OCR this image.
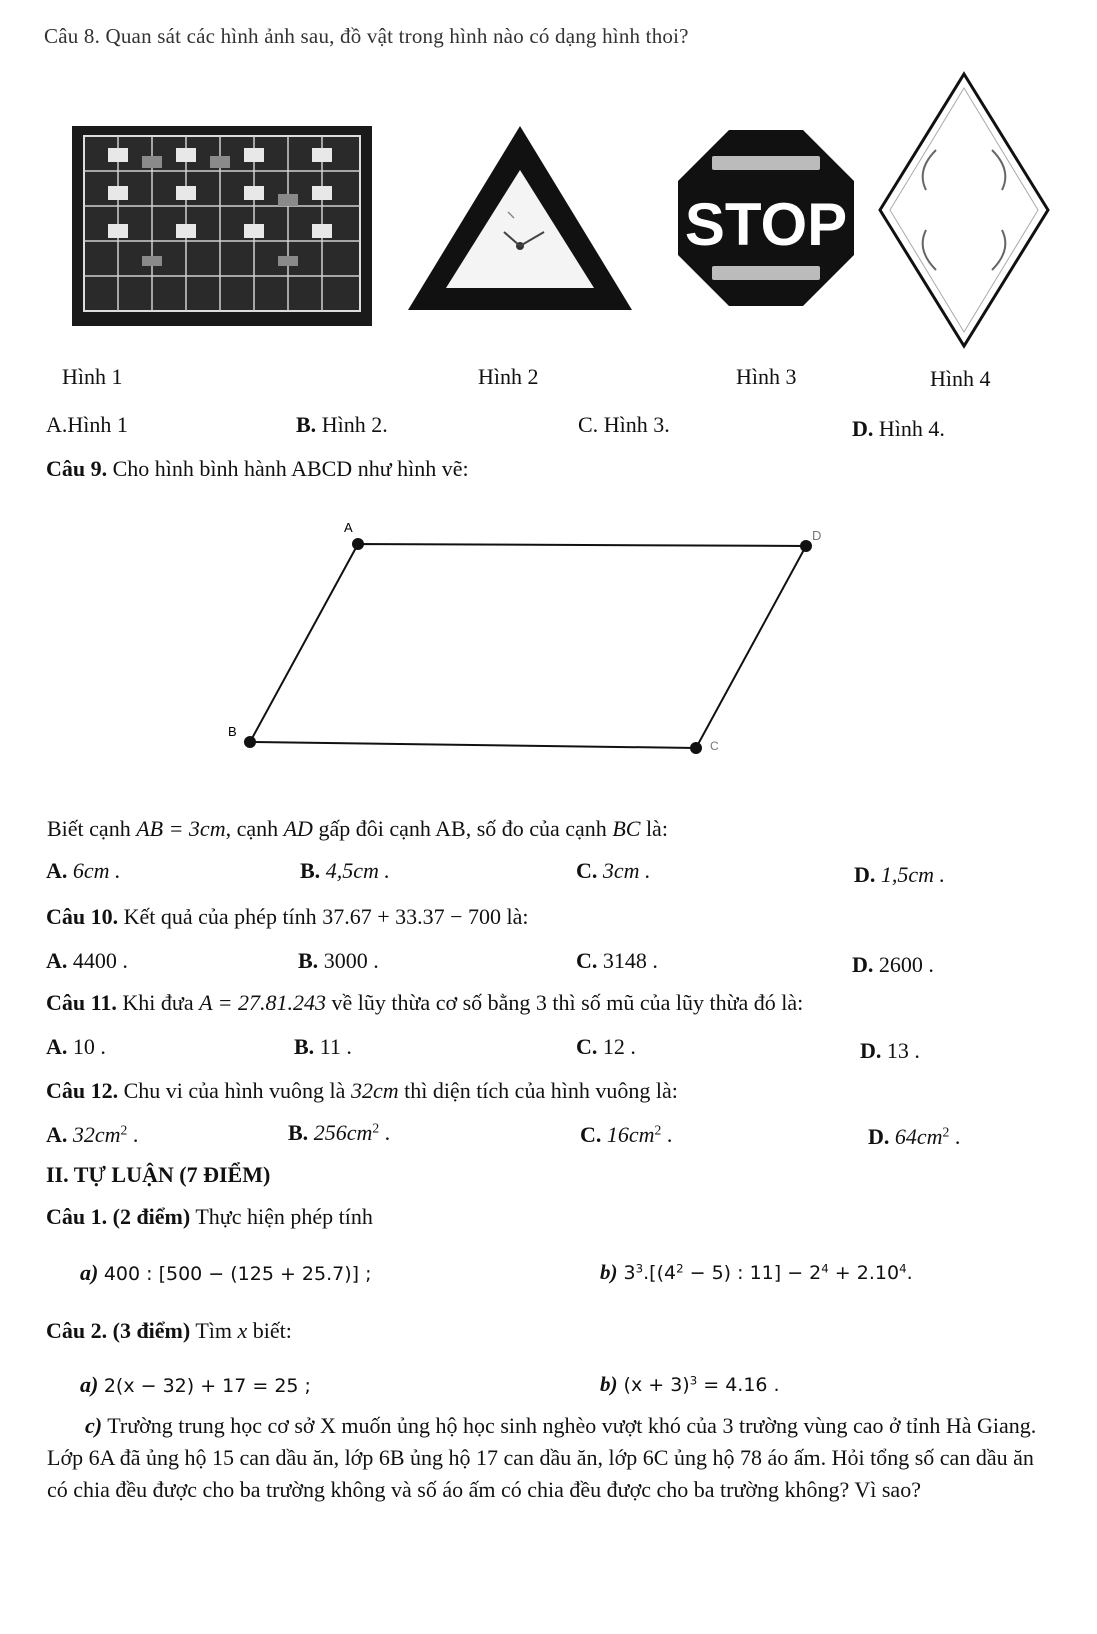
Câu 8. Quan sát các hình ảnh sau, đồ vật trong hình nào có dạng hình thoi?
STOP
Hình 1	Hình 2	Hình 3	Hình 4
A.Hình 1	B. Hình 2.	C. Hình 3.	D. Hình 4.
Câu 9. Cho hình bình hành ABCD như hình vẽ:
A
D
B
C
Biết cạnh AB = 3cm, cạnh AD gấp đôi cạnh AB, số đo của cạnh BC là:
A. 6cm .	B. 4,5cm .	C. 3cm .	D. 1,5cm .
Câu 10. Kết quả của phép tính 37.67 + 33.37 − 700 là:
A. 4400 .	B. 3000 .	C. 3148 .	D. 2600 .
Câu 11. Khi đưa A = 27.81.243 về lũy thừa cơ số bằng 3 thì số mũ của lũy thừa đó là:
A. 10 .	B. 11 .	C. 12 .	D. 13 .
Câu 12. Chu vi của hình vuông là 32cm thì diện tích của hình vuông là:
A. $32cm^2$ .	B. $256cm^2$ .	C. $16cm^2$ .	D. $64cm^2$ .
II. TỰ LUẬN (7 ĐIỂM)
Câu 1. (2 điểm) Thực hiện phép tính
a) 400 : [500 − (125 + 25.7)] ;	b) $3^3.[(4^2 - 5)$ : $11] - 2^4 + 2.10^4$.
Câu 2. (3 điểm) Tìm x biết:
a) 2(x − 32) + 17 = 25 ;	b) $(x + 3)^3 = 4.16$ .
c) Trường trung học cơ sở X muốn ủng hộ học sinh nghèo vượt khó của 3 trường vùng cao ở tỉnh Hà Giang. Lớp 6A đã ủng hộ 15 can dầu ăn, lớp 6B ủng hộ 17 can dầu ăn, lớp 6C ủng hộ 78 áo ấm. Hỏi tổng số can dầu ăn có chia đều được cho ba trường không và số áo ấm có chia đều được cho ba trường không? Vì sao?
